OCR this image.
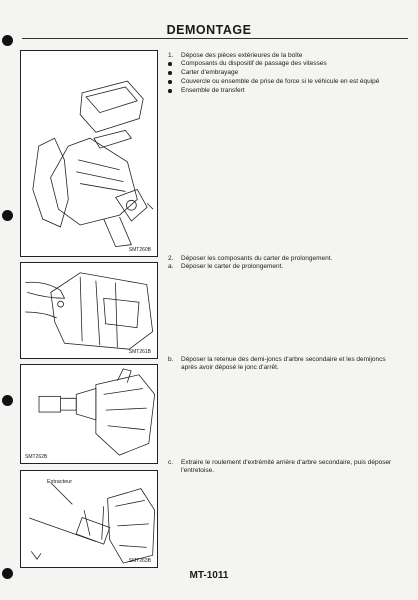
DEMONTAGE
SMT260B
1.	Dépose des pièces extérieures de la boîte
Composants du dispositif de passage des vitesses
Carter d'embrayage
Couvercle ou ensemble de prise de force si le véhicule en est équipé
Ensemble de transfert
SMT261B
2.	Déposer les composants du carter de prolongement.
a.	Déposer le carter de prolongement.
SMT262B
b.	Déposer la retenue des demi-joncs d'arbre secondaire et les demijoncs après avoir déposé le jonc d'arrêt.
Extracteur
SMT263B
c.	Extraire le roulement d'extrémité arrière d'arbre secondaire, puis déposer l'entretoise.
MT-1011
